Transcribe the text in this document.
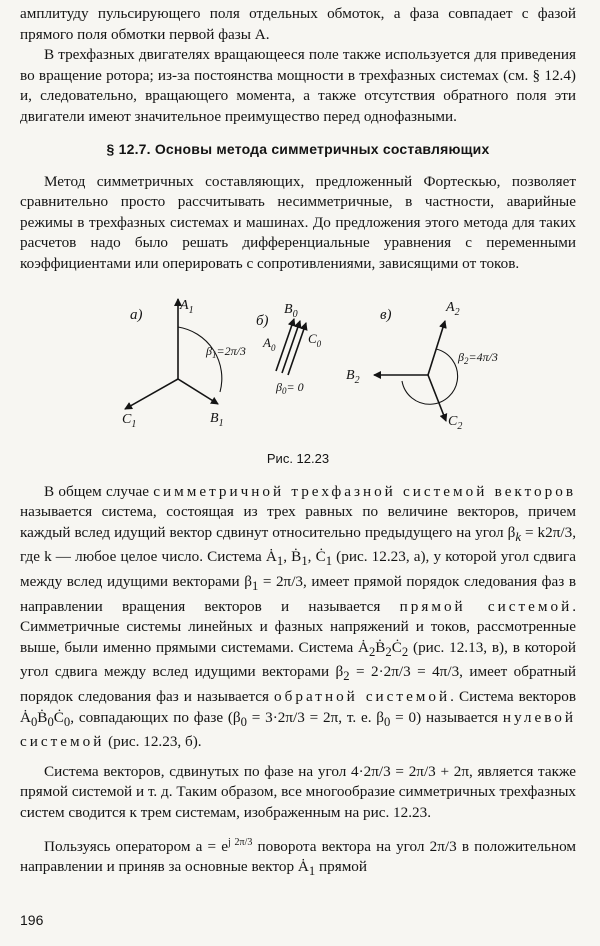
амплитуду пульсирующего поля отдельных обмоток, а фаза совпадает с фазой прямого поля обмотки первой фазы A.

В трехфазных двигателях вращающееся поле также используется для приведения во вращение ротора; из-за постоянства мощности в трехфазных системах (см. § 12.4) и, следовательно, вращающего момента, а также отсутствия обратного поля эти двигатели имеют значительное преимущество перед однофазными.

§ 12.7. Основы метода симметричных составляющих

Метод симметричных составляющих, предложенный Фортескью, позволяет сравнительно просто рассчитывать несимметричные, в частности, аварийные режимы в трехфазных системах и машинах. До предложения этого метода для таких расчетов надо было решать дифференциальные уравнения с переменными коэффициентами или оперировать с сопротивлениями, зависящими от токов.

а)
$A_1$
$B_1$
$C_1$
$\beta_1=2\pi/3$
б)
$B_0$
$A_0$
$C_0$
$\beta_0= 0$
в)	$A_2$
$B_2$
$C_2$
$\beta_2=4\pi/3$
Рис. 12.23

В общем случае симметричной трехфазной системой векторов называется система, состоящая из трех равных по величине векторов, причем каждый вслед идущий вектор сдвинут относительно предыдущего на угол $\beta_k = k2\pi/3$, где k — любое целое число. Система $Ȧ_1$, Ḃ$_1$, $Ċ_1$ (рис. 12.23, а), у которой угол сдвига между вслед идущими векторами $\beta_1 = 2\pi/3$, имеет прямой порядок следования фаз в направлении вращения векторов и называется прямой системой. Симметричные системы линейных и фазных напряжений и токов, рассмотренные выше, были именно прямыми системами. Система $Ȧ_2Ḃ_2Ċ_2$ (рис. 12.13, в), в которой угол сдвига между вслед идущими векторами $\beta_2 = 2\cdot 2\pi/3 = 4\pi/3$, имеет обратный порядок следования фаз и называется обратной системой. Система векторов $Ȧ_0Ḃ_0Ċ_0$, совпадающих по фазе ($\beta_0 = 3\cdot 2\pi/3 = 2\pi$, т. е. $\beta_0 = 0$) называется нулевой системой (рис. 12.23, б).

Система векторов, сдвинутых по фазе на угол 4·2π/3 = 2π/3 + 2π, является также прямой системой и т. д. Таким образом, все многообразие симметричных трехфазных систем сводится к трем системам, изображенным на рис. 12.23.

Пользуясь оператором $a = e^{j 2\pi/3}$ поворота вектора на угол 2π/3 в положительном направлении и приняв за основные вектор $Ȧ_1$ прямой

196
